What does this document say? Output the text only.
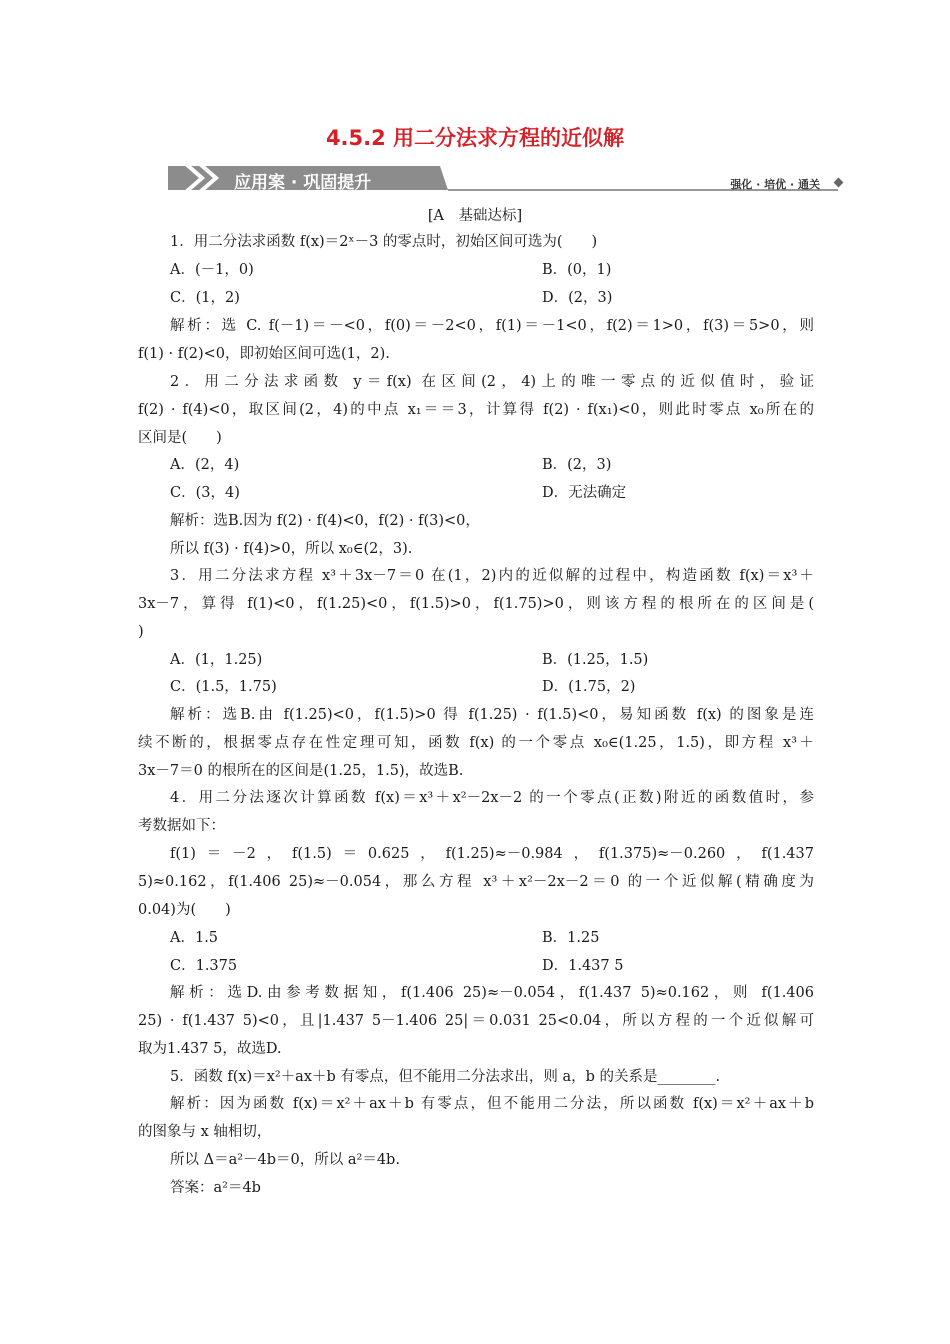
4.5.2 用二分法求方程的近似解
应用案 · 巩固提升	强化 · 培优 · 通关
[A　基础达标]
1．用二分法求函数 f(x)＝2ˣ－3 的零点时，初始区间可选为(　　)
A．(－1，0)	B．(0，1)
C．(1，2)	D．(2，3)
解析：选 C. f(－1)＝－<0，f(0)＝－2<0，f(1)＝－1<0，f(2)＝1>0，f(3)＝5>0，则
f(1) · f(2)<0，即初始区间可选(1，2).
2．用二分法求函数 y＝f(x) 在区间(2，4)上的唯一零点的近似值时，验证
f(2) · f(4)<0，取区间(2，4)的中点 x₁＝＝3，计算得 f(2) · f(x₁)<0，则此时零点 x₀所在的
区间是(　　)
A．(2，4)	B．(2，3)
C．(3，4)	D．无法确定
解析：选B.因为 f(2) · f(4)<0，f(2) · f(3)<0，
所以 f(3) · f(4)>0，所以 x₀∈(2，3).
3．用二分法求方程 x³＋3x－7＝0 在(1，2)内的近似解的过程中，构造函数 f(x)＝x³＋
3x－7，算得 f(1)<0，f(1.25)<0，f(1.5)>0，f(1.75)>0，则该方程的根所在的区间是(
)
A．(1，1.25)	B．(1.25，1.5)
C．(1.5，1.75)	D．(1.75，2)
解析：选B.由 f(1.25)<0，f(1.5)>0 得 f(1.25) · f(1.5)<0，易知函数 f(x) 的图象是连
续不断的，根据零点存在性定理可知，函数 f(x) 的一个零点 x₀∈(1.25，1.5)，即方程 x³＋
3x－7＝0 的根所在的区间是(1.25，1.5)，故选B.
4．用二分法逐次计算函数 f(x)＝x³＋x²－2x－2 的一个零点(正数)附近的函数值时，参
考数据如下：
f(1)＝－2，f(1.5)＝0.625，f(1.25)≈－0.984，f(1.375)≈－0.260，f(1.437
5)≈0.162，f(1.406 25)≈－0.054，那么方程 x³＋x²－2x－2＝0 的一个近似解(精确度为
0.04)为(　　)
A．1.5	B．1.25
C．1.375	D．1.437 5
解析：选D.由参考数据知，f(1.406 25)≈－0.054，f(1.437 5)≈0.162，则 f(1.406
25) · f(1.437 5)<0，且|1.437 5－1.406 25|＝0.031 25<0.04，所以方程的一个近似解可
取为1.437 5，故选D.
5．函数 f(x)＝x²＋ax＋b 有零点，但不能用二分法求出，则 a，b 的关系是________.
解析：因为函数 f(x)＝x²＋ax＋b 有零点，但不能用二分法，所以函数 f(x)＝x²＋ax＋b
的图象与 x 轴相切，
所以 Δ＝a²－4b＝0，所以 a²＝4b.
答案：a²＝4b
